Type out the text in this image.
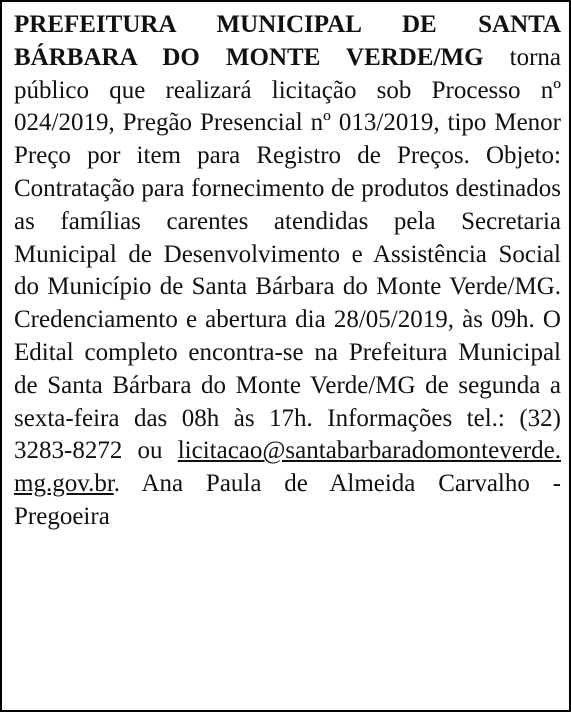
PREFEITURA MUNICIPAL DE SANTA BÁRBARA DO MONTE VERDE/MG torna público que realizará licitação sob Processo nº 024/2019, Pregão Presencial nº 013/2019, tipo Menor Preço por item para Registro de Preços. Objeto: Contratação para fornecimento de produtos destinados as famílias carentes atendidas pela Secretaria Municipal de Desenvolvimento e Assistência Social do Município de Santa Bárbara do Monte Verde/MG. Credenciamento e abertura dia 28/05/2019, às 09h. O Edital completo encontra-se na Prefeitura Municipal de Santa Bárbara do Monte Verde/MG de segunda a sexta-feira das 08h às 17h. Informações tel.: (32) 3283-8272 ou licitacao@santabarbaradomonteverde.mg.gov.br. Ana Paula de Almeida Carvalho - Pregoeira
